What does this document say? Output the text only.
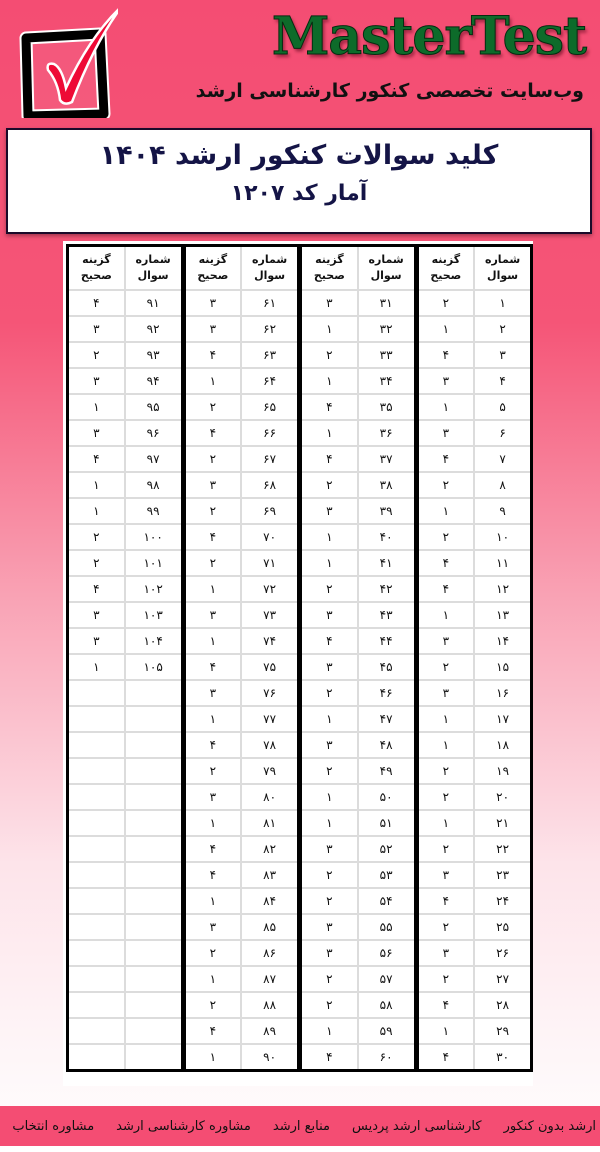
MasterTest
وب‌سایت تخصصی کنکور کارشناسی ارشد
کلید سوالات کنکور ارشد ۱۴۰۴
آمار کد ۱۲۰۷
شماره سوال	گزینه صحیح	شماره سوال	گزینه صحیح	شماره سوال	گزینه صحیح	شماره سوال	گزینه صحیح
۱	۲	۳۱	۳	۶۱	۳	۹۱	۴
۲	۱	۳۲	۱	۶۲	۳	۹۲	۳
۳	۴	۳۳	۲	۶۳	۴	۹۳	۲
۴	۳	۳۴	۱	۶۴	۱	۹۴	۳
۵	۱	۳۵	۴	۶۵	۲	۹۵	۱
۶	۳	۳۶	۱	۶۶	۴	۹۶	۳
۷	۴	۳۷	۴	۶۷	۲	۹۷	۴
۸	۲	۳۸	۲	۶۸	۳	۹۸	۱
۹	۱	۳۹	۳	۶۹	۲	۹۹	۱
۱۰	۲	۴۰	۱	۷۰	۴	۱۰۰	۲
۱۱	۴	۴۱	۱	۷۱	۲	۱۰۱	۲
۱۲	۴	۴۲	۲	۷۲	۱	۱۰۲	۴
۱۳	۱	۴۳	۳	۷۳	۳	۱۰۳	۳
۱۴	۳	۴۴	۴	۷۴	۱	۱۰۴	۳
۱۵	۲	۴۵	۳	۷۵	۴	۱۰۵	۱
۱۶	۳	۴۶	۲	۷۶	۳		
۱۷	۱	۴۷	۱	۷۷	۱		
۱۸	۱	۴۸	۳	۷۸	۴		
۱۹	۲	۴۹	۲	۷۹	۲		
۲۰	۲	۵۰	۱	۸۰	۳		
۲۱	۱	۵۱	۱	۸۱	۱		
۲۲	۲	۵۲	۳	۸۲	۴		
۲۳	۳	۵۳	۲	۸۳	۴		
۲۴	۴	۵۴	۲	۸۴	۱		
۲۵	۲	۵۵	۳	۸۵	۳		
۲۶	۳	۵۶	۳	۸۶	۲		
۲۷	۲	۵۷	۲	۸۷	۱		
۲۸	۴	۵۸	۲	۸۸	۲		
۲۹	۱	۵۹	۱	۸۹	۴		
۳۰	۴	۶۰	۴	۹۰	۱		
ارشد بدون کنکور
کارشناسی ارشد پردیس
منابع ارشد
مشاوره کارشناسی ارشد
مشاوره انتخاب
